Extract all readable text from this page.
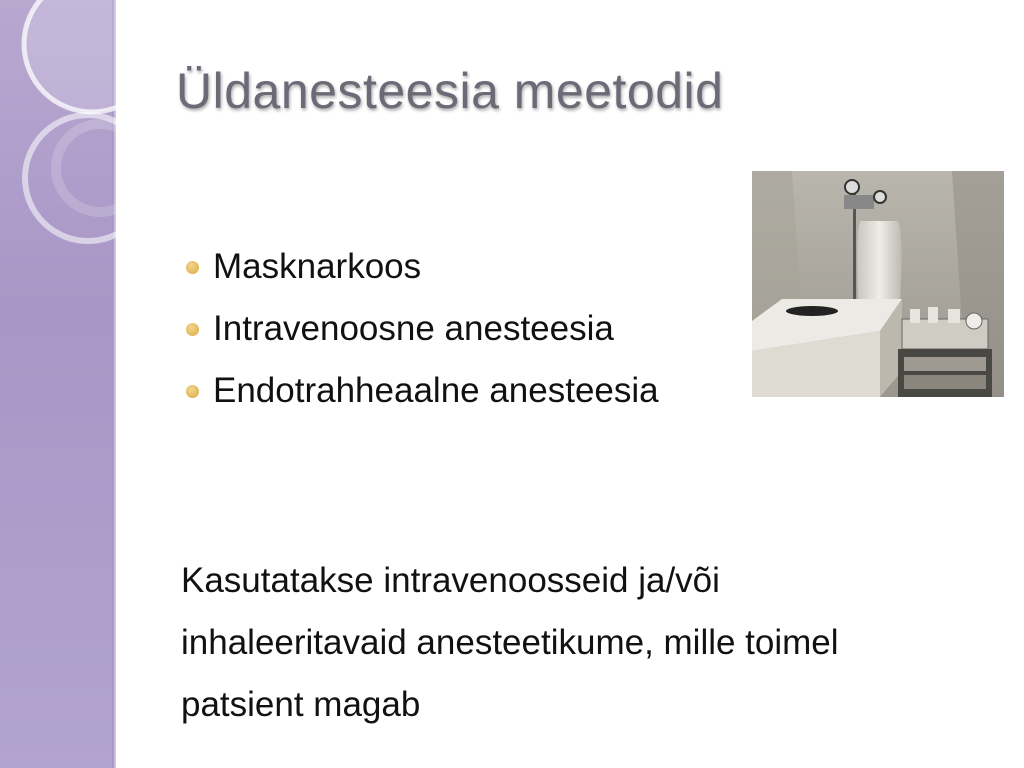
Üldanesteesia meetodid
Masknarkoos
Intravenoosne anesteesia
Endotrahheaalne anesteesia
Kasutatakse intravenoosseid ja/või
inhaleeritavaid anesteetikume, mille toimel
patsient magab
